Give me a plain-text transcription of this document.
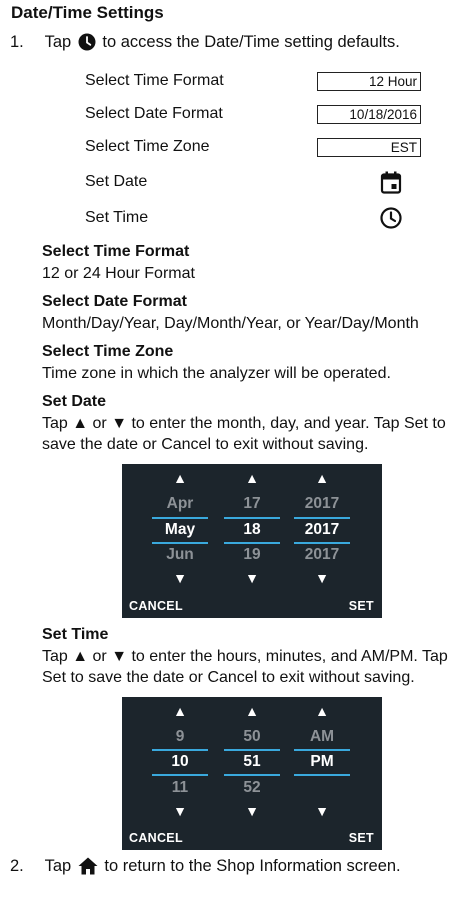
Date/Time Settings
1. Tap to access the Date/Time setting defaults.
Select Time Format	12 Hour
Select Date Format	10/18/2016
Select Time Zone	EST
Set Date
Set Time
Select Time Format
12 or 24 Hour Format
Select Date Format
Month/Day/Year, Day/Month/Year, or Year/Day/Month
Select Time Zone
Time zone in which the analyzer will be operated.
Set Date
Tap ▲ or ▼ to enter the month, day, and year. Tap Set to save the date or Cancel to exit without saving.
▲
Apr
May
Jun
▼
▲
17
18
19
▼
▲
2017
2017
2017
▼
CANCEL	SET
Set Time
Tap ▲ or ▼ to enter the hours, minutes, and AM/PM. Tap Set to save the date or Cancel to exit without saving.
▲
9
10
11
▼
▲
50
51
52
▼
▲
AM
PM
▼
CANCEL	SET
2. Tap to return to the Shop Information screen.
